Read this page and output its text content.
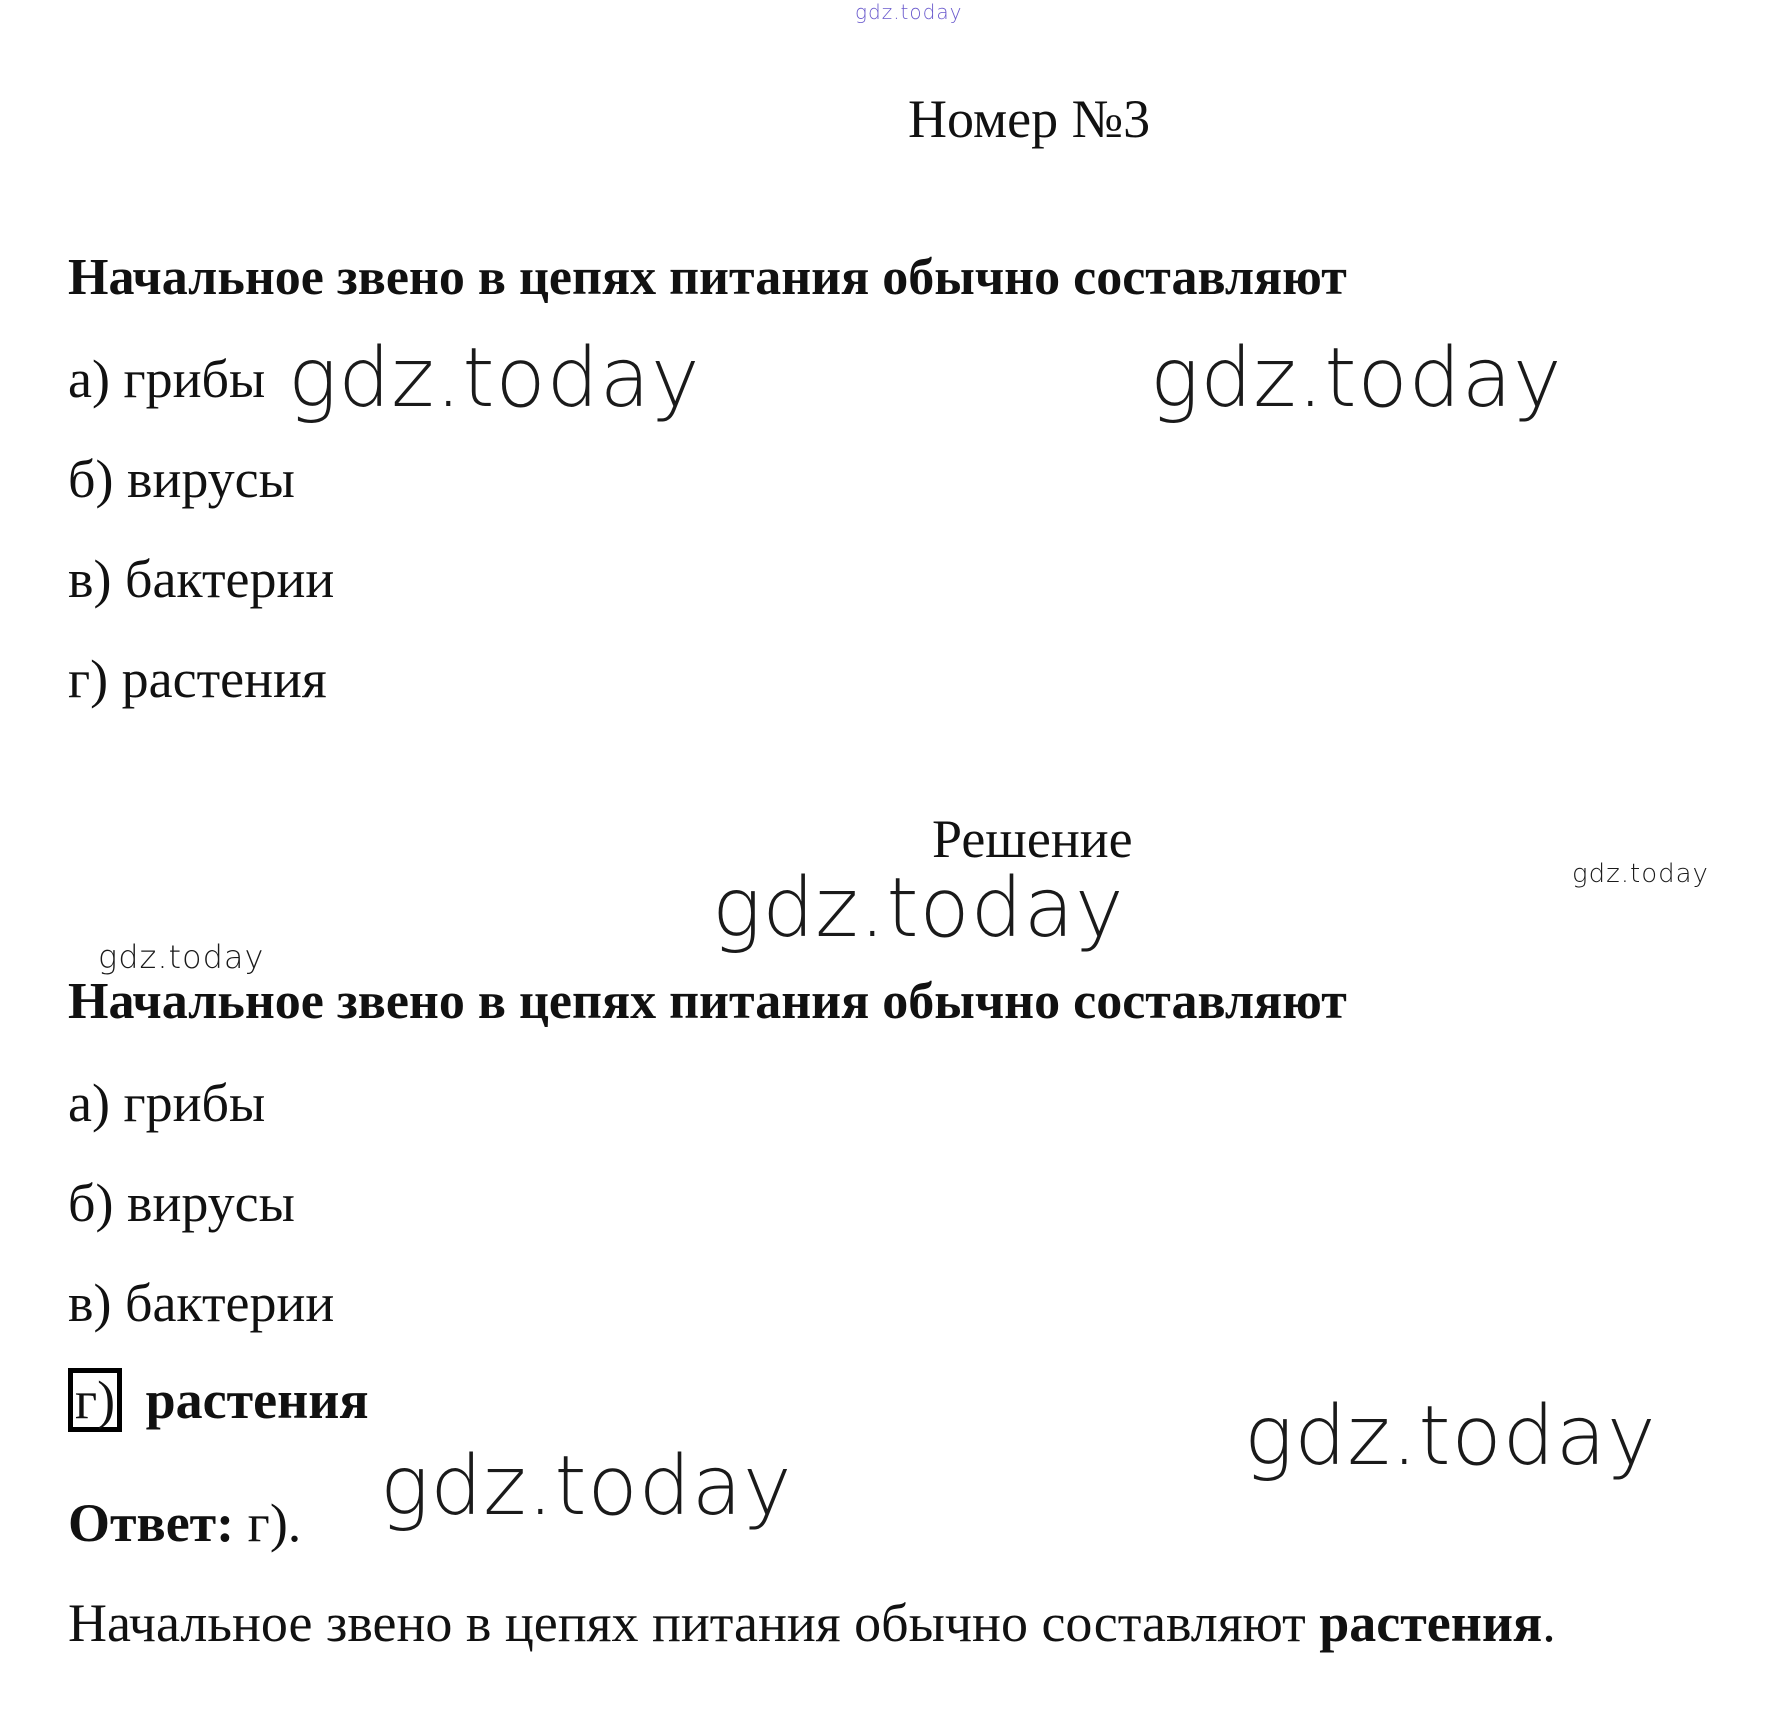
gdz.today
Номер №3
Начальное звено в цепях питания обычно составляют
а) грибы
б) вирусы
в) бактерии
г) растения
gdz.today	gdz.today
Решение
gdz.today	gdz.today
gdz.today
Начальное звено в цепях питания обычно составляют
а) грибы
б) вирусы
в) бактерии
г) растения	gdz.today
gdz.today
Ответ: г).
Начальное звено в цепях питания обычно составляют растения.
